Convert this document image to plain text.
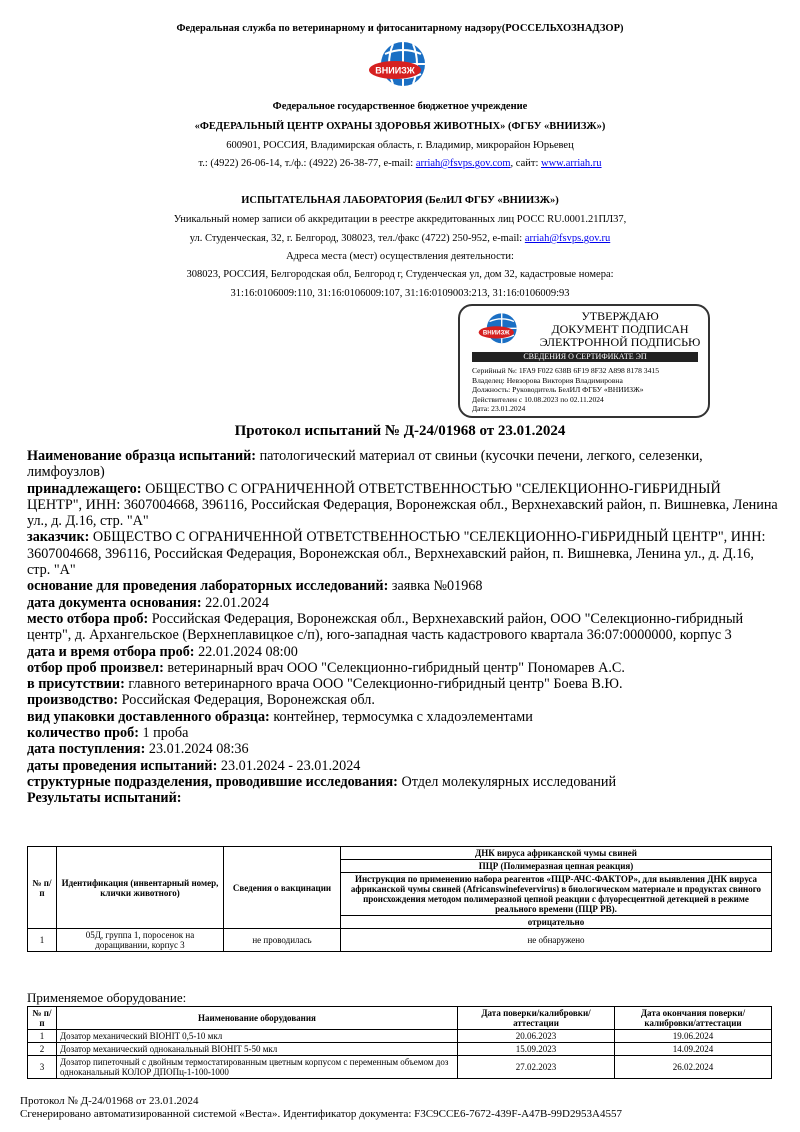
Федеральная служба по ветеринарному и фитосанитарному надзору(РОССЕЛЬХОЗНАДЗОР)
ВНИИЗЖ
Федеральное государственное бюджетное учреждение
«ФЕДЕРАЛЬНЫЙ ЦЕНТР ОХРАНЫ ЗДОРОВЬЯ ЖИВОТНЫХ» (ФГБУ «ВНИИЗЖ»)
600901, РОССИЯ, Владимирская область, г. Владимир, микрорайон Юрьевец
т.: (4922) 26-06-14, т./ф.: (4922) 26-38-77, e-mail: arriah@fsvps.gov.com, сайт: www.arriah.ru
ИСПЫТАТЕЛЬНАЯ ЛАБОРАТОРИЯ (БелИЛ ФГБУ «ВНИИЗЖ»)
Уникальный номер записи об аккредитации в реестре аккредитованных лиц РОСС RU.0001.21ПЛ37,
ул. Студенческая, 32, г. Белгород, 308023, тел./факс (4722) 250-952, e-mail: arriah@fsvps.gov.ru
Адреса места (мест) осуществления деятельности:
308023, РОССИЯ, Белгородская обл, Белгород г, Студенческая ул, дом 32, кадастровые номера:
31:16:0106009:110, 31:16:0106009:107, 31:16:0109003:213, 31:16:0106009:93
ВНИИЗЖ
УТВЕРЖДАЮ
ДОКУМЕНТ ПОДПИСАН
ЭЛЕКТРОННОЙ ПОДПИСЬЮ
СВЕДЕНИЯ О СЕРТИФИКАТЕ ЭП
Серийный №: 1FA9 F022 638B 6F19 8F32 A898 8178 3415
Владелец: Невзорова Виктория Владимировна
Должность: Руководитель БелИЛ ФГБУ «ВНИИЗЖ»
Действителен с 10.08.2023 по 02.11.2024
Дата: 23.01.2024
Протокол испытаний № Д-24/01968 от 23.01.2024

Наименование образца испытаний: патологический материал от свиньи (кусочки печени, легкого, селезенки, лимфоузлов)

принадлежащего: ОБЩЕСТВО С ОГРАНИЧЕННОЙ ОТВЕТСТВЕННОСТЬЮ "СЕЛЕКЦИОННО-ГИБРИДНЫЙ ЦЕНТР", ИНН: 3607004668, 396116, Российская Федерация, Воронежская обл., Верхнехавский район, п. Вишневка, Ленина ул., д. Д.16, стр. "А"

заказчик: ОБЩЕСТВО С ОГРАНИЧЕННОЙ ОТВЕТСТВЕННОСТЬЮ "СЕЛЕКЦИОННО-ГИБРИДНЫЙ ЦЕНТР", ИНН: 3607004668, 396116, Российская Федерация, Воронежская обл., Верхнехавский район, п. Вишневка, Ленина ул., д. Д.16, стр. "А"

основание для проведения лабораторных исследований: заявка №01968

дата документа основания: 22.01.2024

место отбора проб: Российская Федерация, Воронежская обл., Верхнехавский район, ООО "Селекционно-гибридный центр", д. Архангельское (Верхнеплавицкое с/п), юго-западная часть кадастрового квартала 36:07:0000000, корпус 3

дата и время отбора проб: 22.01.2024 08:00

отбор проб произвел: ветеринарный врач ООО "Селекционно-гибридный центр" Пономарев А.С.

в присутствии: главного ветеринарного врача ООО "Селекционно-гибридный центр" Боева В.Ю.

производство: Российская Федерация, Воронежская обл.

вид упаковки доставленного образца: контейнер, термосумка с хладоэлементами

количество проб: 1 проба

дата поступления: 23.01.2024 08:36

даты проведения испытаний: 23.01.2024 - 23.01.2024

структурные подразделения, проводившие исследования: Отдел молекулярных исследований

Результаты испытаний:

№ п/п	Идентификация (инвентарный номер, клички животного)	Сведения о вакцинации	ДНК вируса африканской чумы свиней
			ПЦР (Полимеразная цепная реакция)
			Инструкция по применению набора реагентов «ПЦР-АЧС-ФАКТОР», для выявления ДНК вируса африканской чумы свиней (Africanswinefevervirus) в биологическом материале и продуктах свиного происхождения методом полимеразной цепной реакции с флуоресцентной детекцией в режиме реального времени (ПЦР РВ).
			отрицательно
1	05Д, группа 1, поросенок на доращивании, корпус 3	не проводилась	не обнаружено
Применяемое оборудование:
№ п/п	Наименование оборудования	Дата поверки/калибровки/аттестации	Дата окончания поверки/калибровки/аттестации
1	Дозатор механический BIOHIT 0,5-10 мкл	20.06.2023	19.06.2024
2	Дозатор механический одноканальный BIOHIT 5-50 мкл	15.09.2023	14.09.2024
3	Дозатор пипеточный с двойным термостатированным цветным корпусом с переменным объемом доз одноканальный КОЛОР ДПОПц-1-100-1000	27.02.2023	26.02.2024
Протокол № Д-24/01968 от 23.01.2024
Сгенерировано автоматизированной системой «Веста». Идентификатор документа: F3C9CCE6-7672-439F-A47B-99D2953A4557
